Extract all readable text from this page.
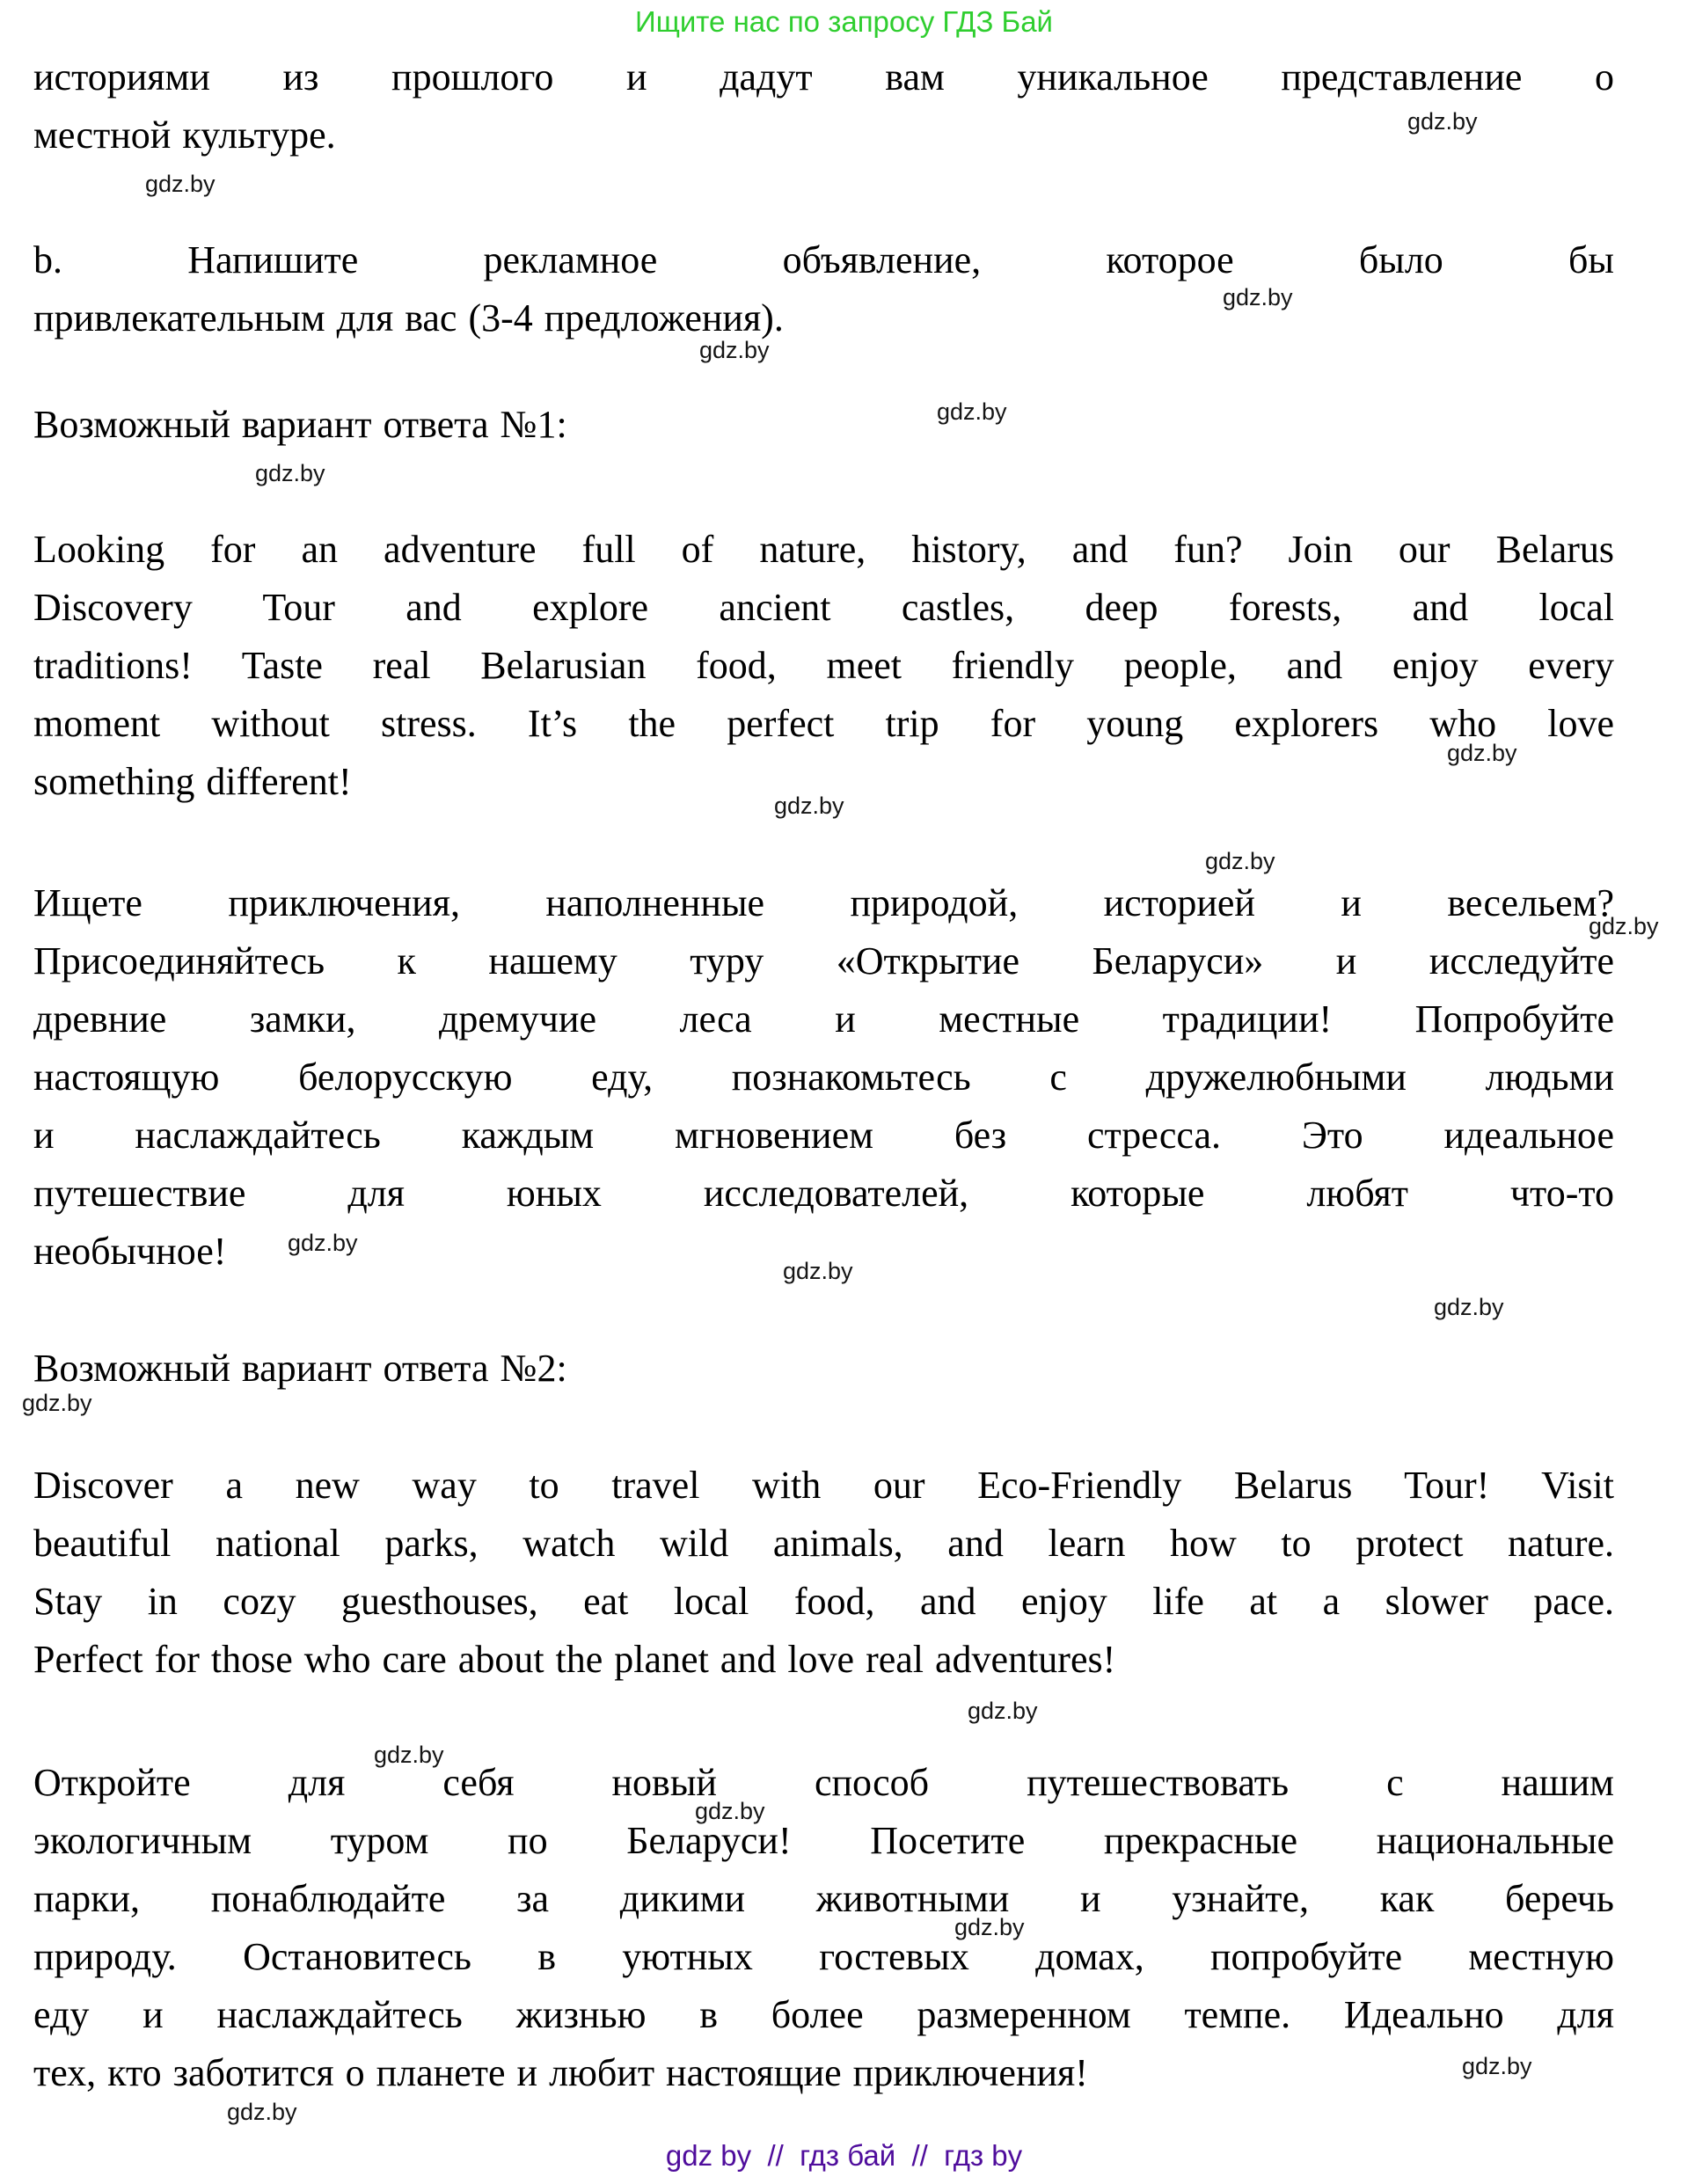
Ищите нас по запросу ГДЗ Бай
историями из прошлого и дадут вам уникальное представление о
местной культуре.
b. Напишите рекламное объявление, которое было бы
привлекательным для вас (3-4 предложения).
Возможный вариант ответа №1:
Looking for an adventure full of nature, history, and fun? Join our Belarus
Discovery Tour and explore ancient castles, deep forests, and local
traditions! Taste real Belarusian food, meet friendly people, and enjoy every
moment without stress. It’s the perfect trip for young explorers who love
something different!
Ищете приключения, наполненные природой, историей и весельем?
Присоединяйтесь к нашему туру «Открытие Беларуси» и исследуйте
древние замки, дремучие леса и местные традиции! Попробуйте
настоящую белорусскую еду, познакомьтесь с дружелюбными людьми
и наслаждайтесь каждым мгновением без стресса. Это идеальное
путешествие для юных исследователей, которые любят что-то
необычное!
Возможный вариант ответа №2:
Discover a new way to travel with our Eco-Friendly Belarus Tour! Visit
beautiful national parks, watch wild animals, and learn how to protect nature.
Stay in cozy guesthouses, eat local food, and enjoy life at a slower pace.
Perfect for those who care about the planet and love real adventures!
Откройте для себя новый способ путешествовать с нашим
экологичным туром по Беларуси! Посетите прекрасные национальные
парки, понаблюдайте за дикими животными и узнайте, как беречь
природу. Остановитесь в уютных гостевых домах, попробуйте местную
еду и наслаждайтесь жизнью в более размеренном темпе. Идеально для
тех, кто заботится о планете и любит настоящие приключения!
gdz.by
gdz.by
gdz.by
gdz.by
gdz.by
gdz.by
gdz.by
gdz.by
gdz.by
gdz.by
gdz.by
gdz.by
gdz.by
gdz.by
gdz.by
gdz.by
gdz.by
gdz.by
gdz.by
gdz.by
gdz by  //  гдз бай  //  гдз by
